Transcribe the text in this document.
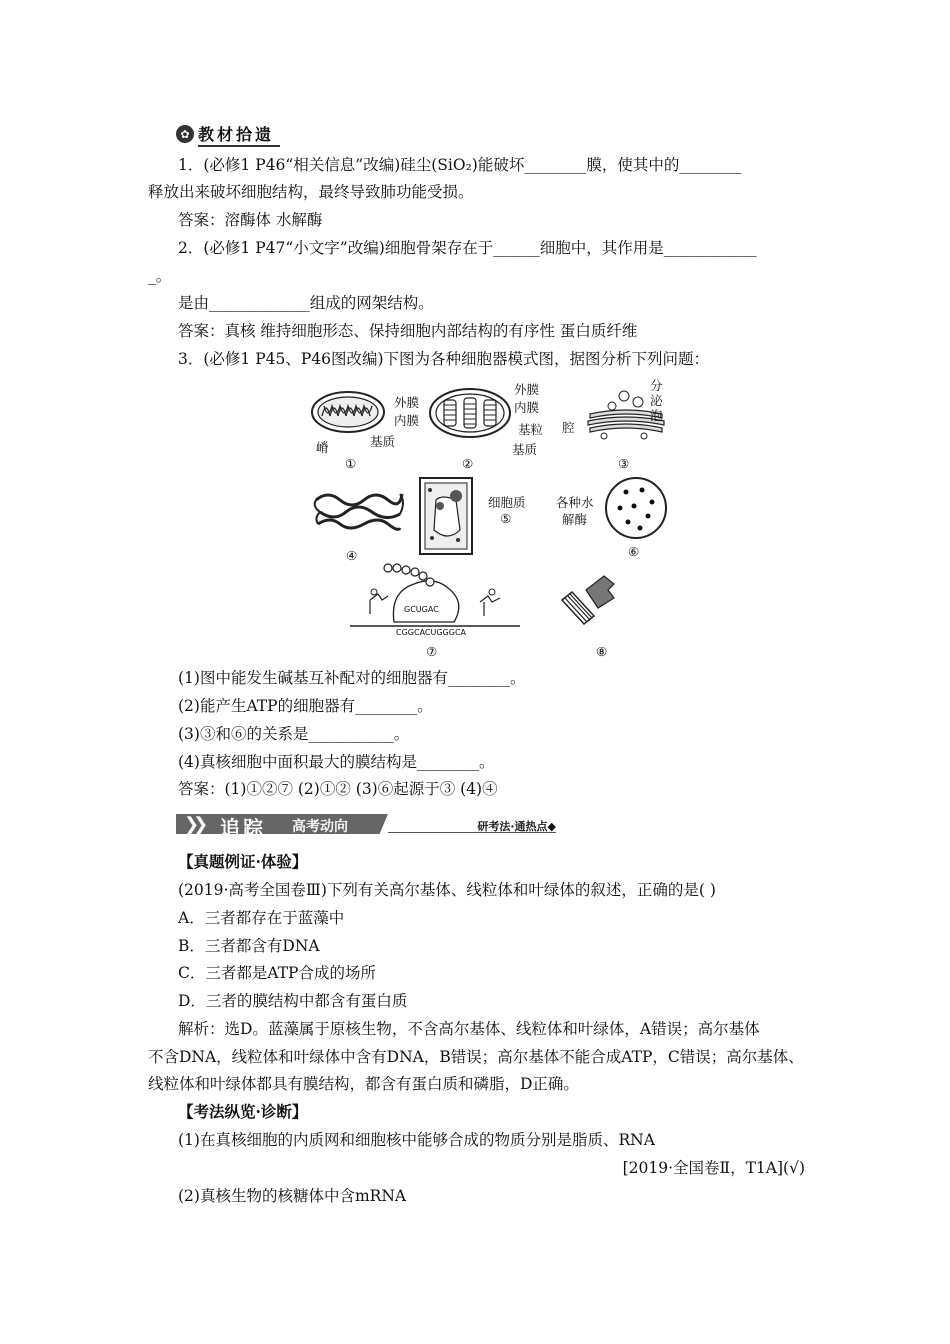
✿ 教材拾遗
1．(必修1 P46“相关信息”改编)硅尘(SiO₂)能破坏________膜，使其中的________
释放出来破坏细胞结构，最终导致肺功能受损。
答案：溶酶体 水解酶
2．(必修1 P47“小文字”改编)细胞骨架存在于______细胞中，其作用是____________
_。
是由_____________组成的网架结构。
答案：真核 维持细胞形态、保持细胞内部结构的有序性 蛋白质纤维
3．(必修1 P45、P46图改编)下图为各种细胞器模式图，据图分析下列问题：
外膜
内膜
嵴	基质
①
外膜
内膜
基粒
基质
②
分
泌
泡
腔
③
④
细胞质
⑤
各种水
解酶
⑥
GCUGAC
CGGCACUGGGCA
⑦	⑧
(1)图中能发生碱基互补配对的细胞器有________。
(2)能产生ATP的细胞器有________。
(3)③和⑥的关系是___________。
(4)真核细胞中面积最大的膜结构是________。
答案：(1)①②⑦ (2)①② (3)⑥起源于③ (4)④
❯❯ 追踪 高考动向	研考法·通热点◆
【真题例证·体验】
(2019·高考全国卷Ⅲ)下列有关高尔基体、线粒体和叶绿体的叙述，正确的是( )
A．三者都存在于蓝藻中
B．三者都含有DNA
C．三者都是ATP合成的场所
D．三者的膜结构中都含有蛋白质
解析：选D。蓝藻属于原核生物，不含高尔基体、线粒体和叶绿体，A错误；高尔基体
不含DNA，线粒体和叶绿体中含有DNA，B错误；高尔基体不能合成ATP，C错误；高尔基体、
线粒体和叶绿体都具有膜结构，都含有蛋白质和磷脂，D正确。
【考法纵览·诊断】
(1)在真核细胞的内质网和细胞核中能够合成的物质分别是脂质、RNA
[2019·全国卷Ⅱ，T1A](√)
(2)真核生物的核糖体中含mRNA
